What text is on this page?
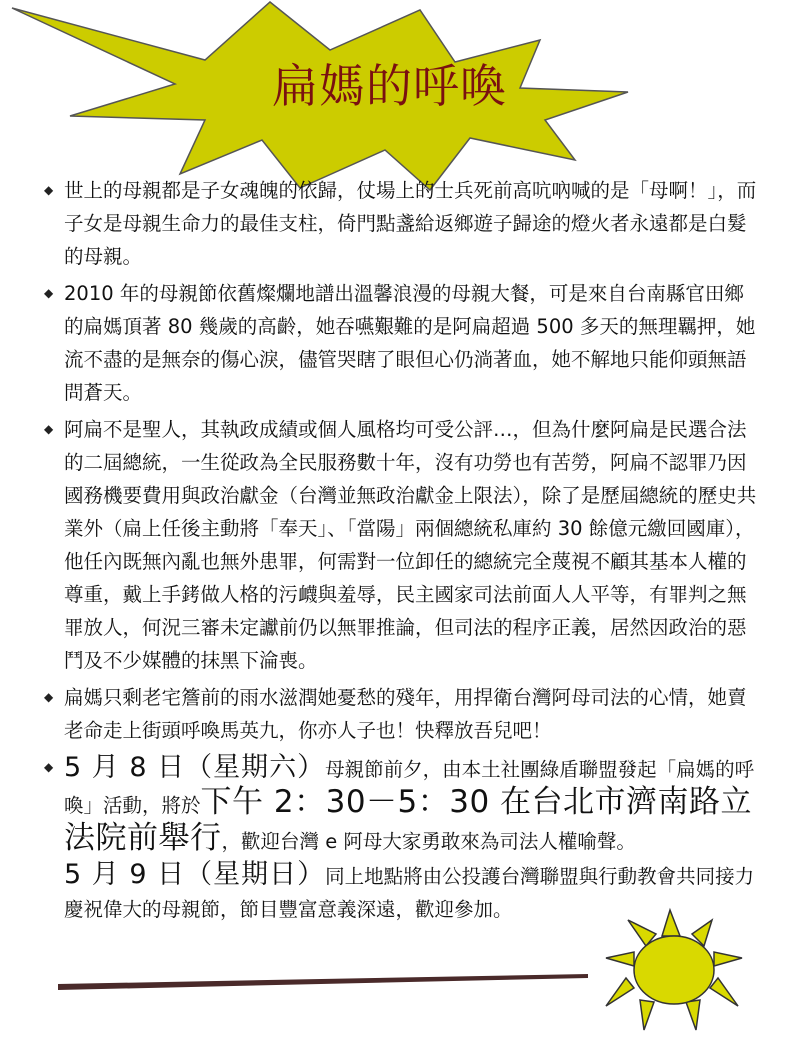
扁媽的呼喚

◆ 世上的母親都是子女魂魄的依歸，仗場上的士兵死前高吭吶喊的是「母啊！」，而子女是母親生命力的最佳支柱，倚門點盞給返鄉遊子歸途的燈火者永遠都是白髮的母親。

◆ 2010 年的母親節依舊燦爛地譜出溫馨浪漫的母親大餐，可是來自台南縣官田鄉的扁媽頂著 80 幾歲的高齡，她吞嚥艱難的是阿扁超過 500 多天的無理羈押，她流不盡的是無奈的傷心淚，儘管哭瞎了眼但心仍淌著血，她不解地只能仰頭無語問蒼天。

◆ 阿扁不是聖人，其執政成績或個人風格均可受公評…，但為什麼阿扁是民選合法的二屆總統，一生從政為全民服務數十年，沒有功勞也有苦勞，阿扁不認罪乃因國務機要費用與政治獻金（台灣並無政治獻金上限法），除了是歷屆總統的歷史共業外（扁上任後主動將「奉天」、「當陽」兩個總統私庫約 30 餘億元繳回國庫），他任內既無內亂也無外患罪，何需對一位卸任的總統完全蔑視不顧其基本人權的尊重，戴上手銬做人格的污衊與羞辱，民主國家司法前面人人平等，有罪判之無罪放人，何況三審未定讞前仍以無罪推論，但司法的程序正義，居然因政治的惡鬥及不少媒體的抹黑下淪喪。

◆ 扁媽只剩老宅簷前的雨水滋潤她憂愁的殘年，用捍衛台灣阿母司法的心情，她賣老命走上街頭呼喚馬英九，你亦人子也！快釋放吾兒吧！

◆ 5 月 8 日（星期六）母親節前夕，由本土社團綠盾聯盟發起「扁媽的呼喚」活動，將於下午 2：30－5：30 在台北市濟南路立法院前舉行，歡迎台灣 e 阿母大家勇敢來為司法人權喻聲。
5 月 9 日（星期日）同上地點將由公投護台灣聯盟與行動教會共同接力慶祝偉大的母親節，節目豐富意義深遠，歡迎參加。
